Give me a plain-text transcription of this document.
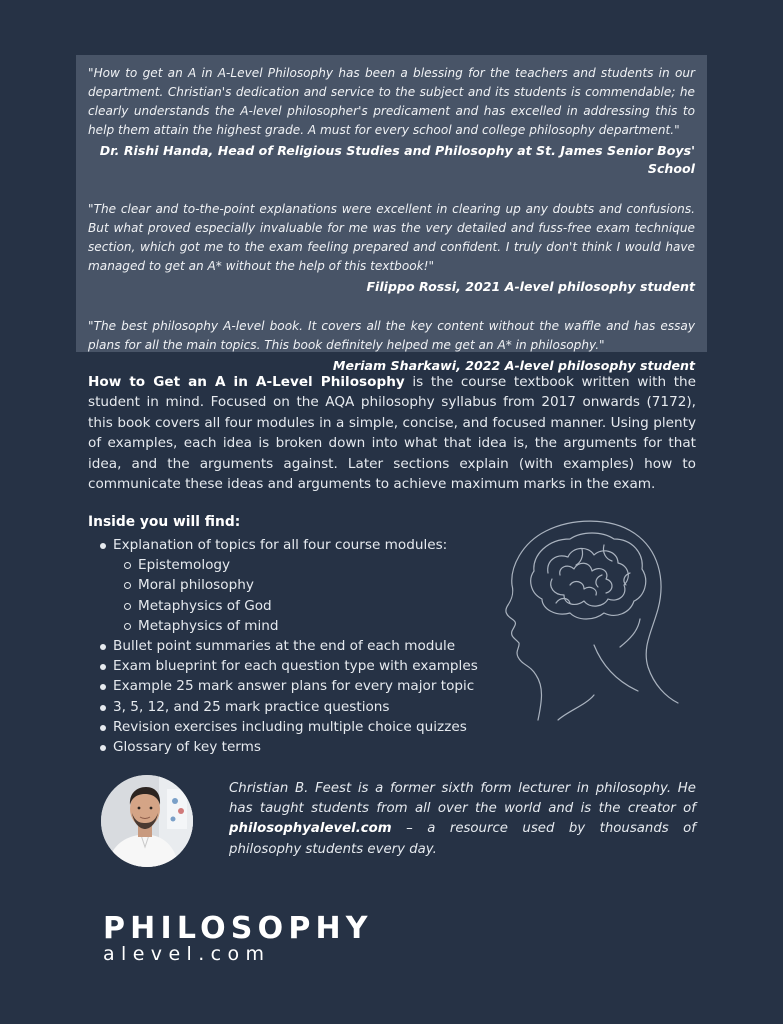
"How to get an A in A-Level Philosophy has been a blessing for the teachers and students in our department. Christian's dedication and service to the subject and its students is commendable; he clearly understands the A-level philosopher's predicament and has excelled in addressing this to help them attain the highest grade. A must for every school and college philosophy department."

Dr. Rishi Handa, Head of Religious Studies and Philosophy at St. James Senior Boys' School

"The clear and to-the-point explanations were excellent in clearing up any doubts and confusions. But what proved especially invaluable for me was the very detailed and fuss-free exam technique section, which got me to the exam feeling prepared and confident. I truly don't think I would have managed to get an A* without the help of this textbook!"

Filippo Rossi, 2021 A-level philosophy student

"The best philosophy A-level book. It covers all the key content without the waffle and has essay plans for all the main topics. This book definitely helped me get an A* in philosophy."

Meriam Sharkawi, 2022 A-level philosophy student

How to Get an A in A-Level Philosophy is the course textbook written with the student in mind. Focused on the AQA philosophy syllabus from 2017 onwards (7172), this book covers all four modules in a simple, concise, and focused manner. Using plenty of examples, each idea is broken down into what that idea is, the arguments for that idea, and the arguments against. Later sections explain (with examples) how to communicate these ideas and arguments to achieve maximum marks in the exam.

Inside you will find:

Explanation of topics for all four course modules:
Epistemology
Moral philosophy
Metaphysics of God
Metaphysics of mind
Bullet point summaries at the end of each module
Exam blueprint for each question type with examples
Example 25 mark answer plans for every major topic
3, 5, 12, and 25 mark practice questions
Revision exercises including multiple choice quizzes
Glossary of key terms

Christian B. Feest is a former sixth form lecturer in philosophy. He has taught students from all over the world and is the creator of philosophyalevel.com – a resource used by thousands of philosophy students every day.

PHILOSOPHY
alevel.com
